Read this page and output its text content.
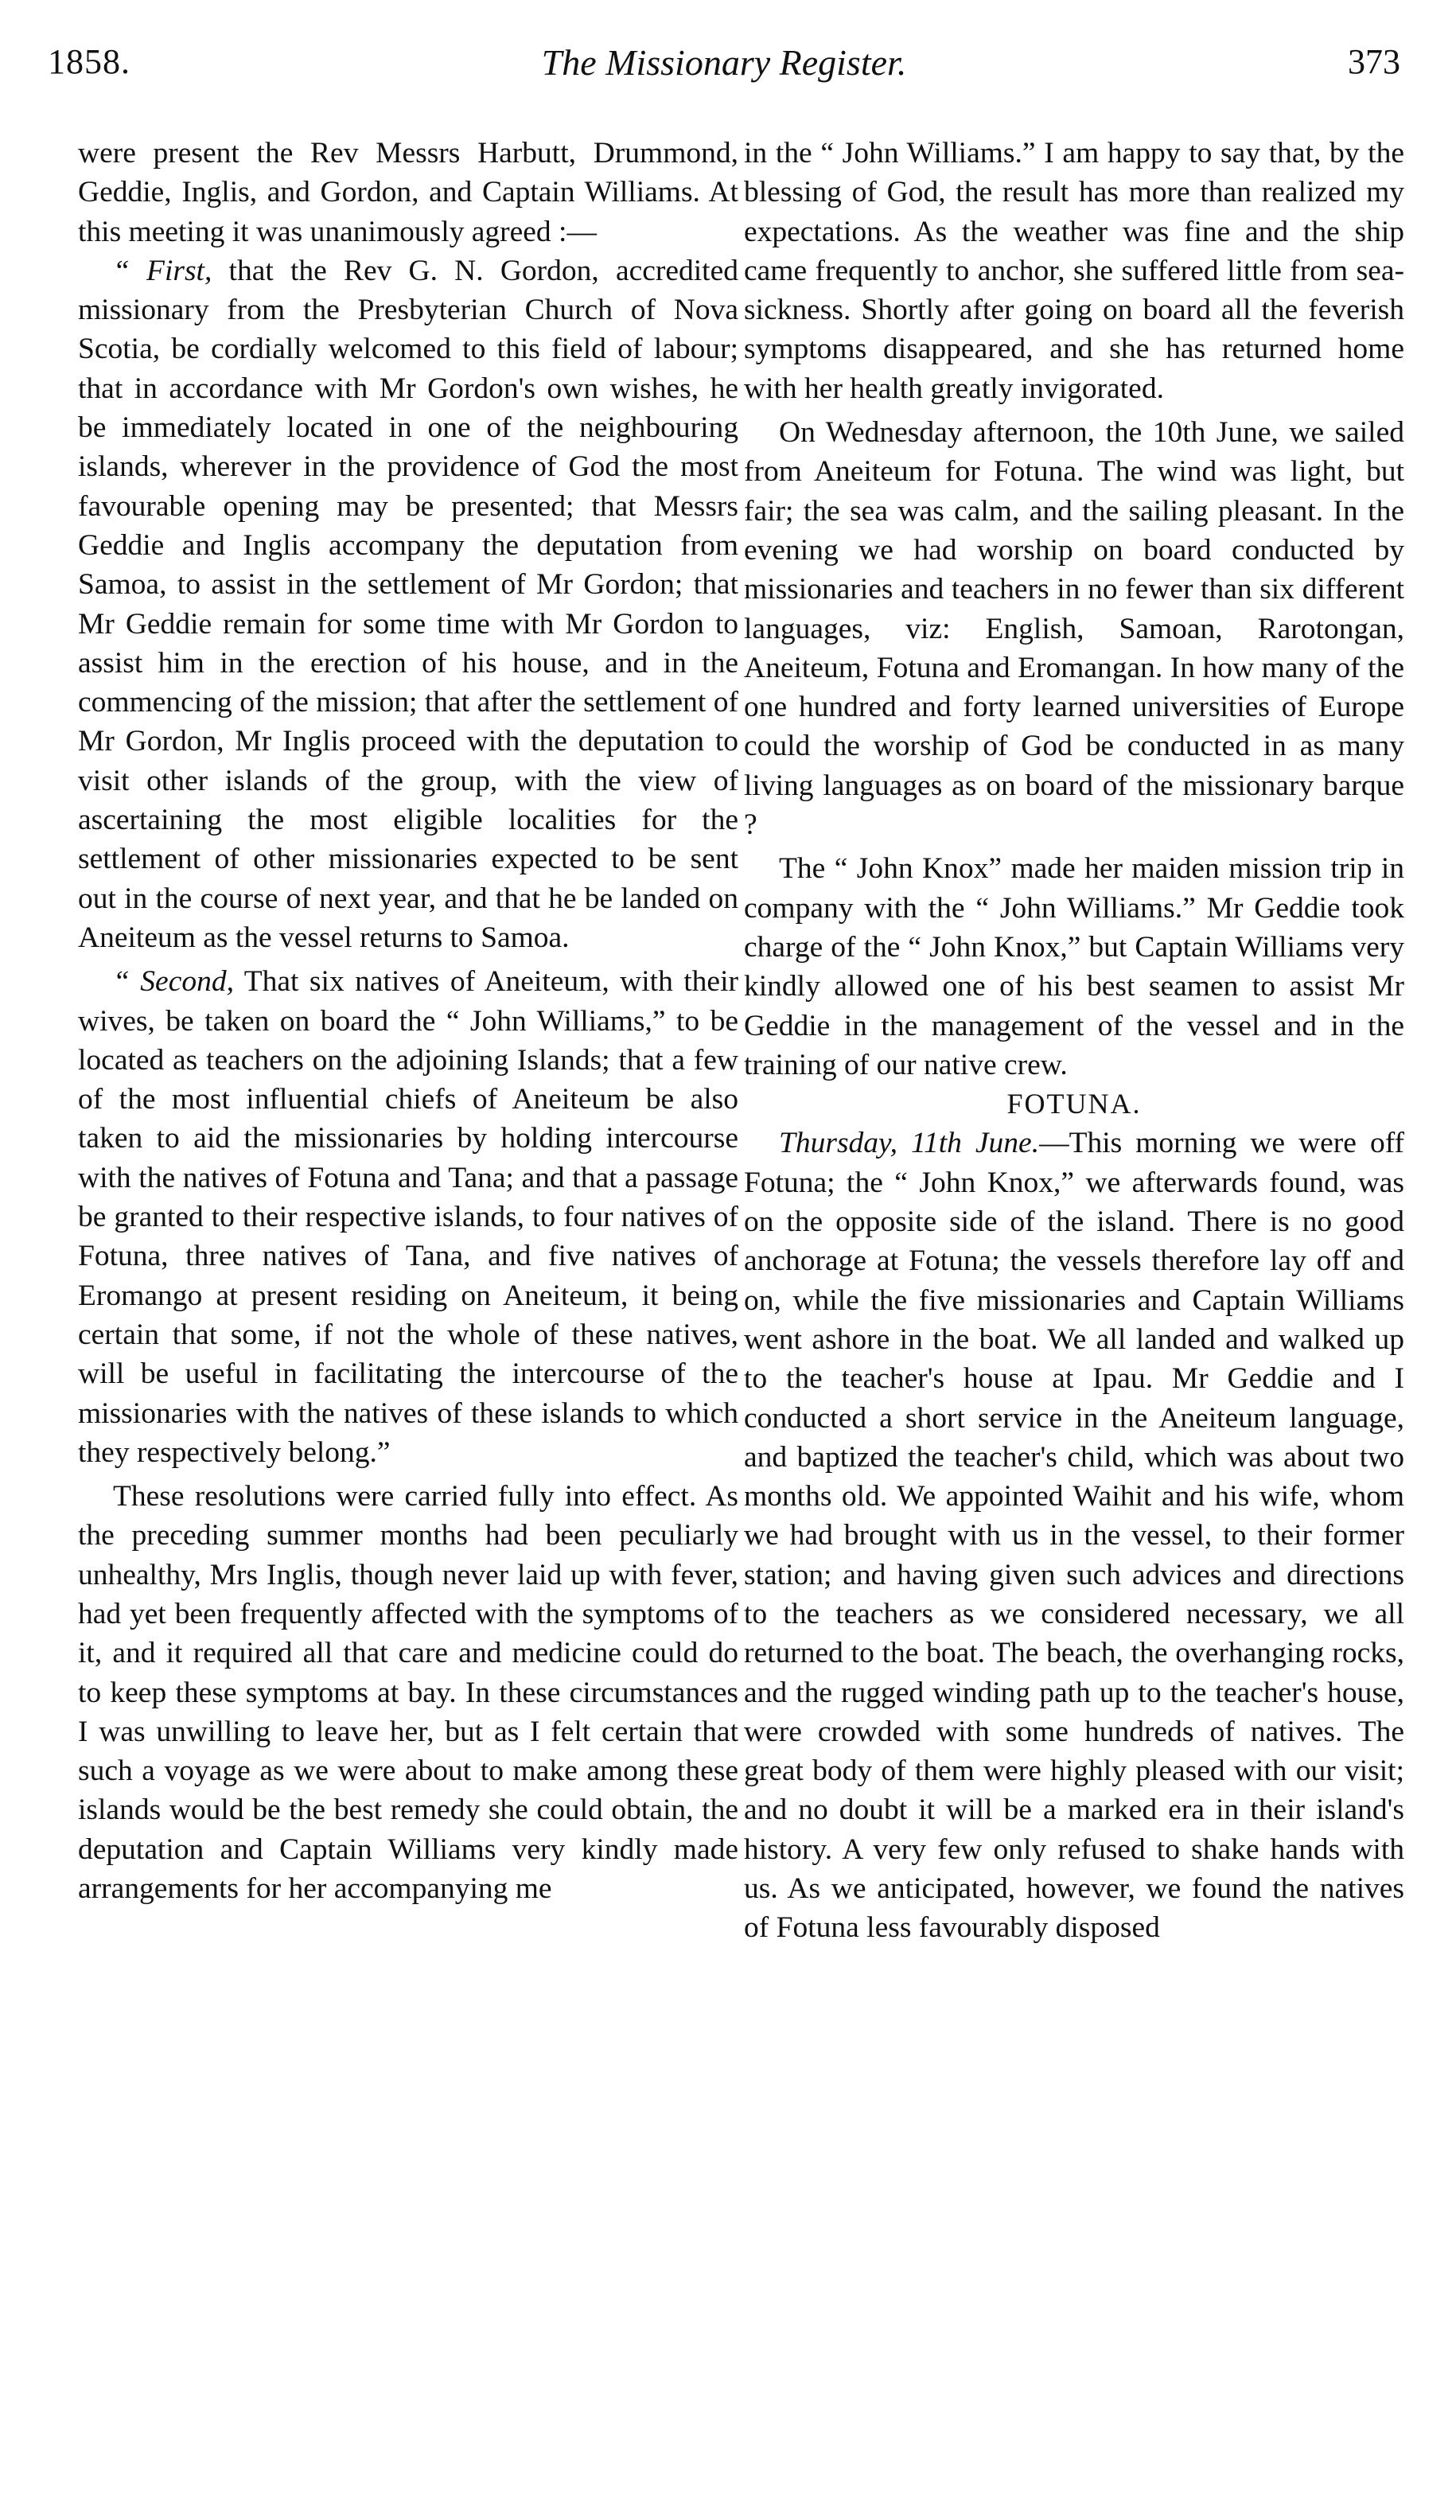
1858.	The Missionary Register.	373

were present the Rev Messrs Harbutt, Drummond, Geddie, Inglis, and Gordon, and Captain Williams. At this meeting it was unanimously agreed :—

“ First, that the Rev G. N. Gordon, accredited missionary from the Presbyterian Church of Nova Scotia, be cordially welcomed to this field of labour; that in accordance with Mr Gordon's own wishes, he be immediately located in one of the neighbouring islands, wherever in the providence of God the most favourable opening may be presented; that Messrs Geddie and Inglis accompany the deputation from Samoa, to assist in the settlement of Mr Gordon; that Mr Geddie remain for some time with Mr Gordon to assist him in the erection of his house, and in the commencing of the mission; that after the settlement of Mr Gordon, Mr Inglis proceed with the deputation to visit other islands of the group, with the view of ascertaining the most eligible localities for the settlement of other missionaries expected to be sent out in the course of next year, and that he be landed on Aneiteum as the vessel returns to Samoa.

“ Second, That six natives of Aneiteum, with their wives, be taken on board the “ John Williams,” to be located as teachers on the adjoining Islands; that a few of the most influential chiefs of Aneiteum be also taken to aid the missionaries by holding intercourse with the natives of Fotuna and Tana; and that a passage be granted to their respective islands, to four natives of Fotuna, three natives of Tana, and five natives of Eromango at present residing on Aneiteum, it being certain that some, if not the whole of these natives, will be useful in facilitating the intercourse of the missionaries with the natives of these islands to which they respectively belong.”

These resolutions were carried fully into effect. As the preceding summer months had been peculiarly unhealthy, Mrs Inglis, though never laid up with fever, had yet been frequently affected with the symptoms of it, and it required all that care and medicine could do to keep these symptoms at bay. In these circumstances I was unwilling to leave her, but as I felt certain that such a voyage as we were about to make among these islands would be the best remedy she could obtain, the deputation and Captain Williams very kindly made arrangements for her accompanying me

in the “ John Williams.” I am happy to say that, by the blessing of God, the result has more than realized my expectations. As the weather was fine and the ship came frequently to anchor, she suffered little from sea-sickness. Shortly after going on board all the feverish symptoms disappeared, and she has returned home with her health greatly invigorated.

On Wednesday afternoon, the 10th June, we sailed from Aneiteum for Fotuna. The wind was light, but fair; the sea was calm, and the sailing pleasant. In the evening we had worship on board conducted by missionaries and teachers in no fewer than six different languages, viz: English, Samoan, Rarotongan, Aneiteum, Fotuna and Eromangan. In how many of the one hundred and forty learned universities of Europe could the worship of God be conducted in as many living languages as on board of the missionary barque ?

The “ John Knox” made her maiden mission trip in company with the “ John Williams.” Mr Geddie took charge of the “ John Knox,” but Captain Williams very kindly allowed one of his best seamen to assist Mr Geddie in the management of the vessel and in the training of our native crew.

FOTUNA.

Thursday, 11th June.—This morning we were off Fotuna; the “ John Knox,” we afterwards found, was on the opposite side of the island. There is no good anchorage at Fotuna; the vessels therefore lay off and on, while the five missionaries and Captain Williams went ashore in the boat. We all landed and walked up to the teacher's house at Ipau. Mr Geddie and I conducted a short service in the Aneiteum language, and baptized the teacher's child, which was about two months old. We appointed Waihit and his wife, whom we had brought with us in the vessel, to their former station; and having given such advices and directions to the teachers as we considered necessary, we all returned to the boat. The beach, the overhanging rocks, and the rugged winding path up to the teacher's house, were crowded with some hundreds of natives. The great body of them were highly pleased with our visit; and no doubt it will be a marked era in their island's history. A very few only refused to shake hands with us. As we anticipated, however, we found the natives of Fotuna less favourably disposed
